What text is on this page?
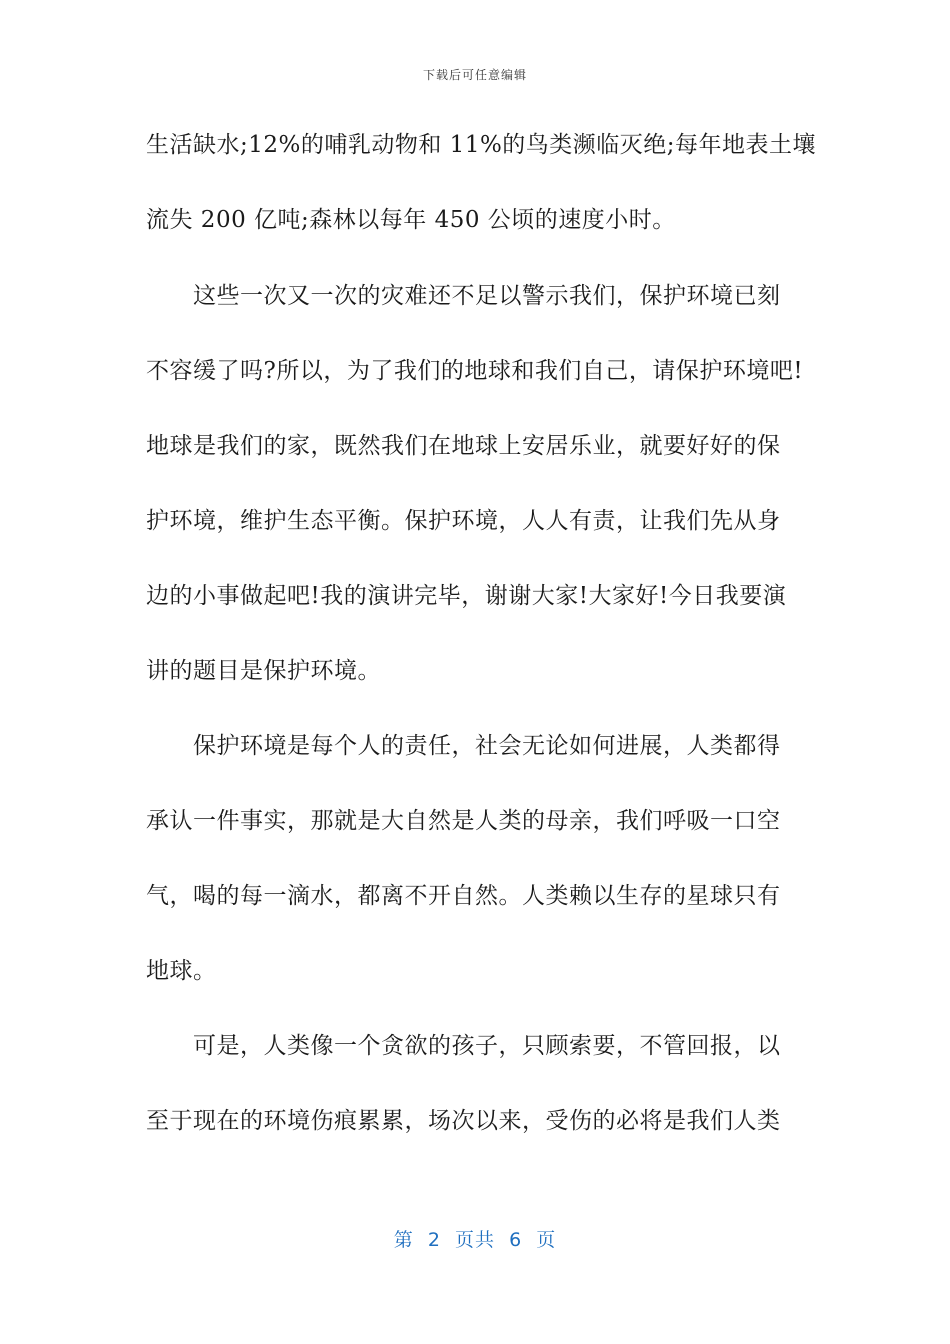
下载后可任意编辑
生活缺水;12%的哺乳动物和 11%的鸟类濒临灭绝;每年地表土壤
流失 200 亿吨;森林以每年 450 公顷的速度小时。
这些一次又一次的灾难还不足以警示我们，保护环境已刻
不容缓了吗?所以，为了我们的地球和我们自己，请保护环境吧!
地球是我们的家，既然我们在地球上安居乐业，就要好好的保
护环境，维护生态平衡。保护环境，人人有责，让我们先从身
边的小事做起吧!我的演讲完毕，谢谢大家!大家好!今日我要演
讲的题目是保护环境。
保护环境是每个人的责任，社会无论如何进展，人类都得
承认一件事实，那就是大自然是人类的母亲，我们呼吸一口空
气，喝的每一滴水，都离不开自然。人类赖以生存的星球只有
地球。
可是，人类像一个贪欲的孩子，只顾索要，不管回报，以
至于现在的环境伤痕累累，场次以来，受伤的必将是我们人类
第  2  页共  6  页
